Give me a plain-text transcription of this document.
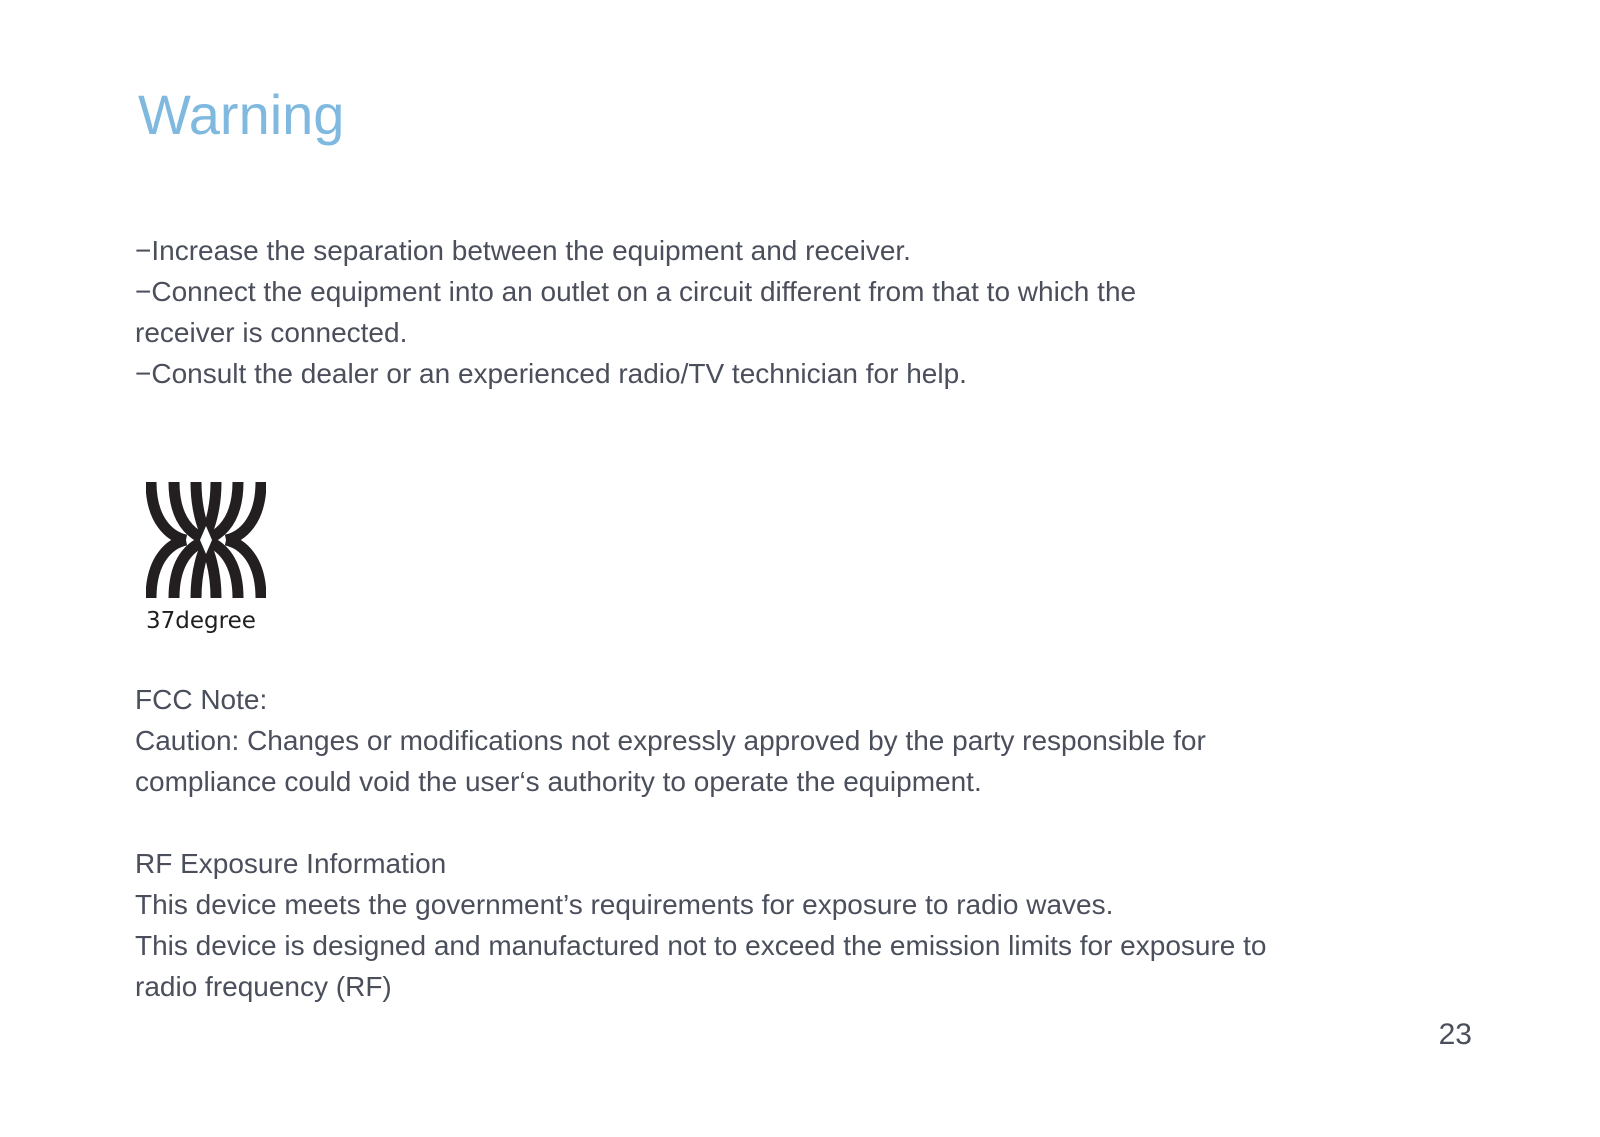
Warning
−Increase the separation between the equipment and receiver.
−Connect the equipment into an outlet on a circuit different from that to which the
receiver is connected.
−Consult the dealer or an experienced radio/TV technician for help.
37degree
FCC Note:
Caution: Changes or modifications not expressly approved by the party responsible for
compliance could void the user‘s authority to operate the equipment.
RF Exposure Information
This device meets the government’s requirements for exposure to radio waves.
This device is designed and manufactured not to exceed the emission limits for exposure to
radio frequency (RF)
23
